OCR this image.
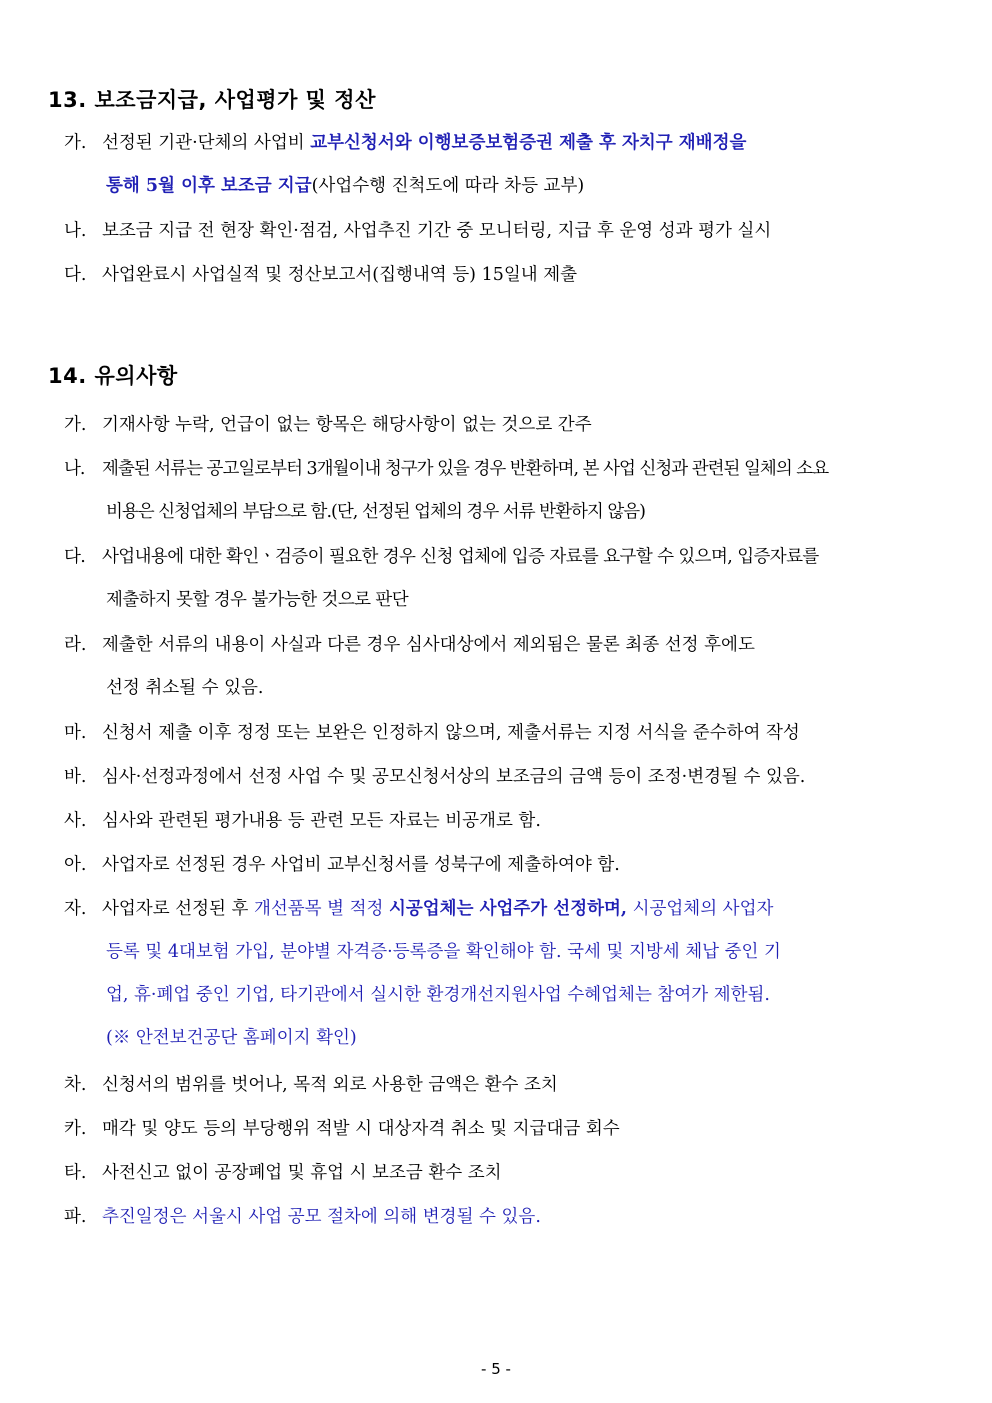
13. 보조금지급, 사업평가 및 정산
가. 선정된 기관·단체의 사업비 교부신청서와 이행보증보험증권 제출 후 자치구 재배정을
통해 5월 이후 보조금 지급(사업수행 진척도에 따라 차등 교부)
나. 보조금 지급 전 현장 확인·점검, 사업추진 기간 중 모니터링, 지급 후 운영 성과 평가 실시
다. 사업완료시 사업실적 및 정산보고서(집행내역 등) 15일내 제출
14. 유의사항
가. 기재사항 누락, 언급이 없는 항목은 해당사항이 없는 것으로 간주
나. 제출된 서류는 공고일로부터 3개월이내 청구가 있을 경우 반환하며, 본 사업 신청과 관련된 일체의 소요
비용은 신청업체의 부담으로 함.(단, 선정된 업체의 경우 서류 반환하지 않음)
다. 사업내용에 대한 확인ㆍ검증이 필요한 경우 신청 업체에 입증 자료를 요구할 수 있으며, 입증자료를
제출하지 못할 경우 불가능한 것으로 판단
라. 제출한 서류의 내용이 사실과 다른 경우 심사대상에서 제외됨은 물론 최종 선정 후에도
선정 취소될 수 있음.
마. 신청서 제출 이후 정정 또는 보완은 인정하지 않으며, 제출서류는 지정 서식을 준수하여 작성
바. 심사·선정과정에서 선정 사업 수 및 공모신청서상의 보조금의 금액 등이 조정·변경될 수 있음.
사. 심사와 관련된 평가내용 등 관련 모든 자료는 비공개로 함.
아. 사업자로 선정된 경우 사업비 교부신청서를 성북구에 제출하여야 함.
자. 사업자로 선정된 후 개선품목 별 적정 시공업체는 사업주가 선정하며, 시공업체의 사업자
등록 및 4대보험 가입, 분야별 자격증·등록증을 확인해야 함. 국세 및 지방세 체납 중인 기
업, 휴·폐업 중인 기업, 타기관에서 실시한 환경개선지원사업 수혜업체는 참여가 제한됨.
(※ 안전보건공단 홈페이지 확인)
차. 신청서의 범위를 벗어나, 목적 외로 사용한 금액은 환수 조치
카. 매각 및 양도 등의 부당행위 적발 시 대상자격 취소 및 지급대금 회수
타. 사전신고 없이 공장폐업 및 휴업 시 보조금 환수 조치
파. 추진일정은 서울시 사업 공모 절차에 의해 변경될 수 있음.
- 5 -
